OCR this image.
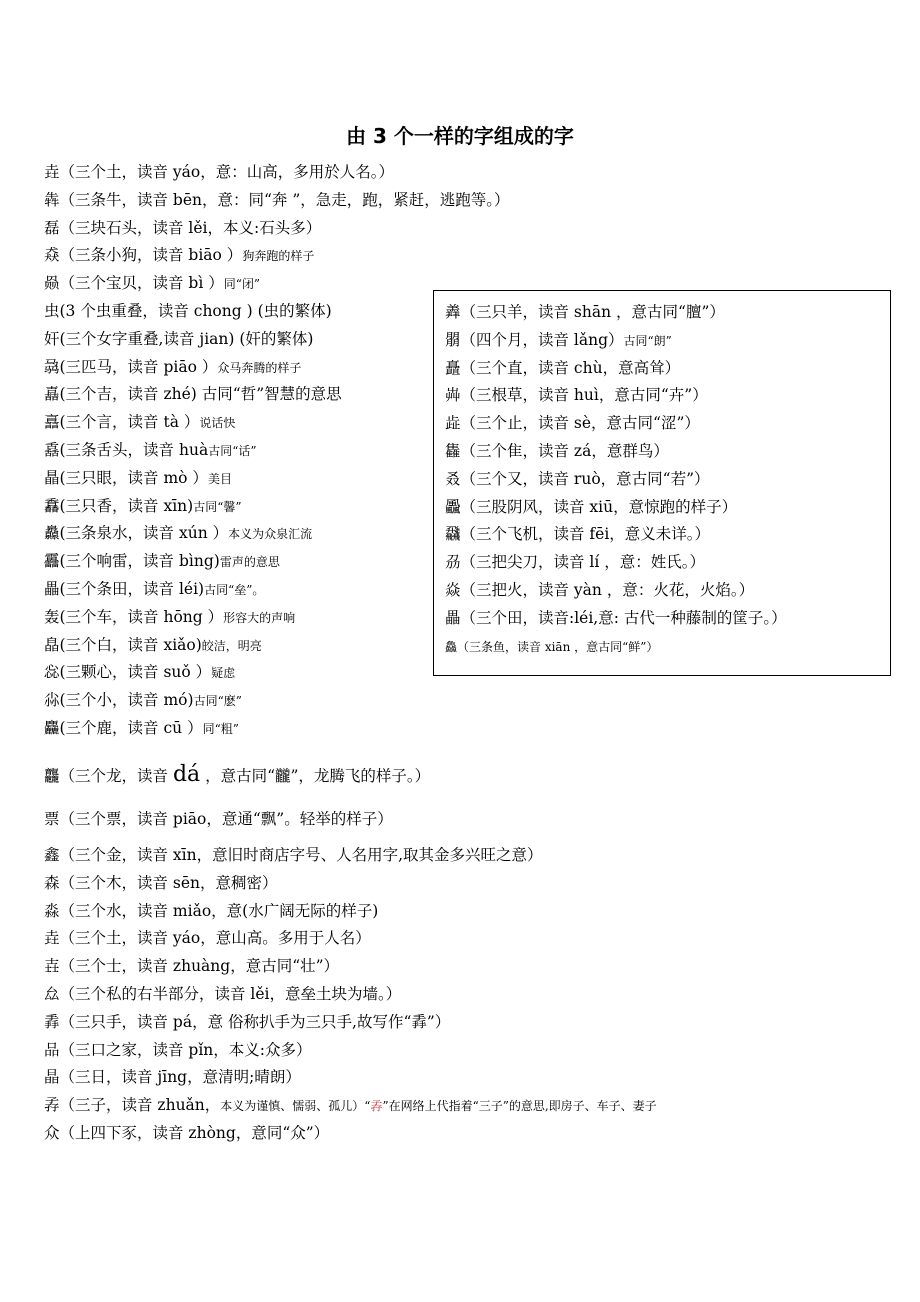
由 3 个一样的字组成的字
垚（三个土，读音 yáo，意：山高，多用於人名。）
犇（三条牛，读音 bēn，意：同“奔 ”，急走，跑，紧赶，逃跑等。）
磊（三块石头，读音 lěi，本义:石头多）
猋（三条小狗，读音 biāo ）狗奔跑的样子
赑（三个宝贝，读音 bì ）同“闭”
虫(3 个虫重叠，读音 chong ) (虫的繁体)
奸(三个女字重叠,读音 jian) (奸的繁体)
骉(三匹马，读音 piāo ）众马奔腾的样子
嚞(三个吉，读音 zhé) 古同“哲”智慧的意思
譶(三个言，读音 tà ）说话快
舙(三条舌头，读音 huà古同“话”
瞐(三只眼，读音 mò ）美目
馫(三只香，读音 xīn)古同“馨”
灥(三条泉水，读音 xún ）本义为众泉汇流
靐(三个响雷，读音 bìng)雷声的意思
畾(三个条田，读音 léi)古同“垒”。
轰(三个车，读音 hōng ）形容大的声响
皛(三个白，读音 xiǎo)皎洁，明亮
惢(三颗心，读音 suǒ ）疑虑
尛(三个小，读音 mó)古同“麽”
麤(三个鹿，读音 cū ）同“粗”
羴（三只羊，读音 shān ，意古同“膻”）
朤（四个月，读音 lǎng）古同“朗”
矗（三个直，读音 chù，意高耸）
芔（三根草，读音 huì，意古同“卉”）
歮（三个止，读音 sè，意古同“涩”）
雥（三个隹，读音 zá，意群鸟）
叒（三个又，读音 ruò，意古同“若”）
飍（三股阴风，读音 xiū，意惊跑的样子）
飝（三个飞机，读音 fēi，意义未详。）
刕（三把尖刀，读音 lí ，意：姓氏。）
焱（三把火，读音 yàn ，意：火花，火焰。）
畾（三个田，读音:léi,意: 古代一种藤制的筐子。）
鱻（三条鱼，读音 xiān ，意古同“鲜”）
龘（三个龙，读音 dá ，意古同“龖”，龙腾飞的样子。）
票（三个票，读音 piāo，意通“飘”。轻举的样子）
鑫（三个金，读音 xīn，意旧时商店字号、人名用字,取其金多兴旺之意）
森（三个木，读音 sēn，意稠密）
淼（三个水，读音 miǎo，意(水广阔无际的样子)
垚（三个土，读音 yáo，意山高。多用于人名）
壵（三个士，读音 zhuàng，意古同“壮”）
厽（三个私的右半部分，读音 lěi，意垒土块为墙。）
掱（三只手，读音 pá，意 俗称扒手为三只手,故写作“掱”）
品（三口之家，读音 pǐn，本义:众多）
晶（三日，读音 jīng，意清明;晴朗）
孨（三子，读音 zhuǎn，本义为谨慎、懦弱、孤儿）“孨”在网络上代指着“三子”的意思,即房子、车子、妻子
众（上四下豕，读音 zhòng，意同“众”）
